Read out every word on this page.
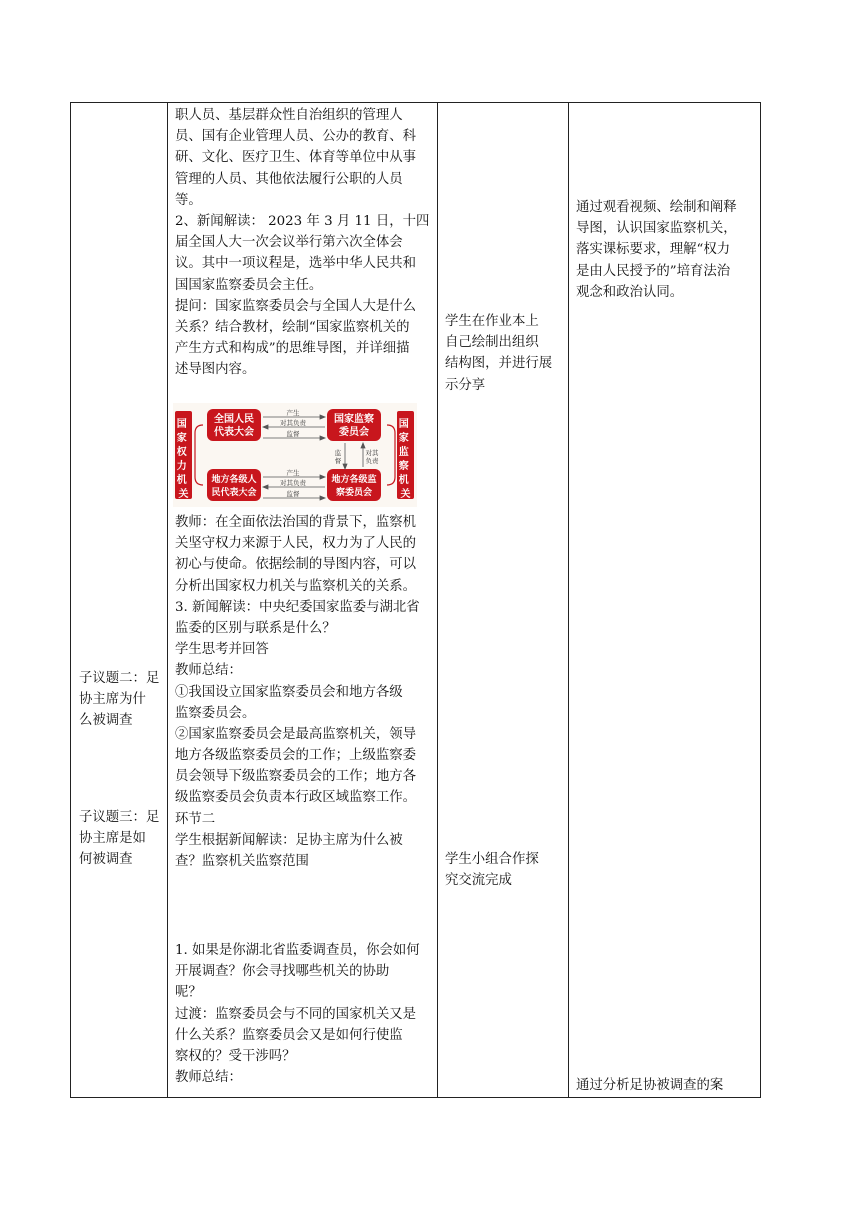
子议题二：足
协主席为什
么被调查
子议题三：足
协主席是如
何被调查
职人员、基层群众性自治组织的管理人
员、国有企业管理人员、公办的教育、科
研、文化、医疗卫生、体育等单位中从事
管理的人员、其他依法履行公职的人员
等。
2、新闻解读： 2023 年 3 月 11 日，十四
届全国人大一次会议举行第六次全体会
议。其中一项议程是，选举中华人民共和
国国家监察委员会主任。
提问：国家监察委员会与全国人大是什么
关系？结合教材，绘制“国家监察机关的
产生方式和构成”的思维导图，并详细描
述导图内容。
国 家 权 力 机 关
国 家 监 察 机 关
全国人民
代表大会
国家监察
委员会
地方各级人
民代表大会
地方各级监
察委员会
产生
对其负责
监督
产生
对其负责
监督
监
督
对其
负责
教师：在全面依法治国的背景下，监察机
关坚守权力来源于人民，权力为了人民的
初心与使命。依据绘制的导图内容，可以
分析出国家权力机关与监察机关的关系。
3. 新闻解读：中央纪委国家监委与湖北省
监委的区别与联系是什么？
学生思考并回答
教师总结：
①我国设立国家监察委员会和地方各级
监察委员会。
②国家监察委员会是最高监察机关，领导
地方各级监察委员会的工作；上级监察委
员会领导下级监察委员会的工作；地方各
级监察委员会负责本行政区域监察工作。
环节二
学生根据新闻解读：足协主席为什么被
查？监察机关监察范围
1. 如果是你湖北省监委调查员，你会如何
开展调查？你会寻找哪些机关的协助
呢？
过渡：监察委员会与不同的国家机关又是
什么关系？监察委员会又是如何行使监
察权的？受干涉吗？
教师总结：
学生在作业本上
自己绘制出组织
结构图，并进行展
示分享
学生小组合作探
究交流完成
通过观看视频、绘制和阐释
导图，认识国家监察机关，
落实课标要求，理解“权力
是由人民授予的”培育法治
观念和政治认同。
通过分析足协被调查的案
